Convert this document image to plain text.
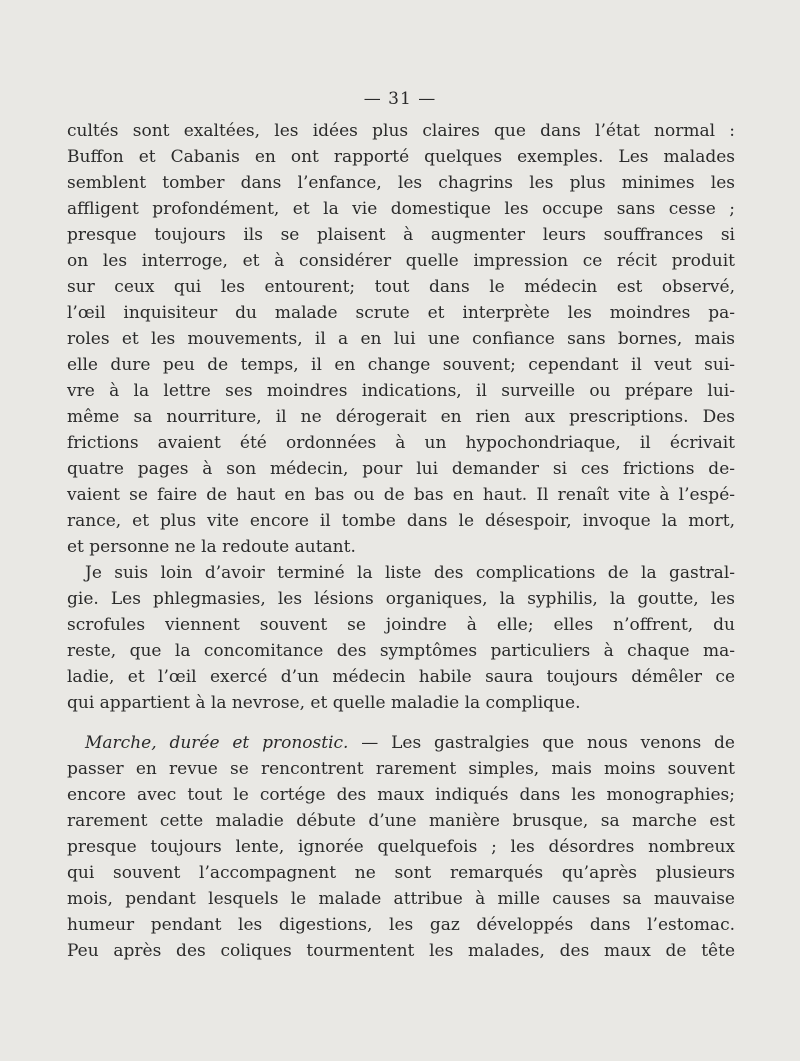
— 31 —
cultés sont exaltées, les idées plus claires que dans l’état normal :
Buffon et Cabanis en ont rapporté quelques exemples. Les malades
semblent tomber dans l’enfance, les chagrins les plus minimes les
affligent profondément, et la vie domestique les occupe sans cesse ;
presque toujours ils se plaisent à augmenter leurs souffrances si
on les interroge, et à considérer quelle impression ce récit produit
sur ceux qui les entourent; tout dans le médecin est observé,
l’œil inquisiteur du malade scrute et interprète les moindres pa-
roles et les mouvements, il a en lui une confiance sans bornes, mais
elle dure peu de temps, il en change souvent; cependant il veut sui-
vre à la lettre ses moindres indications, il surveille ou prépare lui-
même sa nourriture, il ne dérogerait en rien aux prescriptions. Des
frictions avaient été ordonnées à un hypochondriaque, il écrivait
quatre pages à son médecin, pour lui demander si ces frictions de-
vaient se faire de haut en bas ou de bas en haut. Il renaît vite à l’espé-
rance, et plus vite encore il tombe dans le désespoir, invoque la mort,
et personne ne la redoute autant.
Je suis loin d’avoir terminé la liste des complications de la gastral-
gie. Les phlegmasies, les lésions organiques, la syphilis, la goutte, les
scrofules viennent souvent se joindre à elle; elles n’offrent, du
reste, que la concomitance des symptômes particuliers à chaque ma-
ladie, et l’œil exercé d’un médecin habile saura toujours démêler ce
qui appartient à la nevrose, et quelle maladie la complique.
Marche, durée et pronostic. — Les gastralgies que nous venons de
passer en revue se rencontrent rarement simples, mais moins souvent
encore avec tout le cortége des maux indiqués dans les monographies;
rarement cette maladie débute d’une manière brusque, sa marche est
presque toujours lente, ignorée quelquefois ; les désordres nombreux
qui souvent l’accompagnent ne sont remarqués qu’après plusieurs
mois, pendant lesquels le malade attribue à mille causes sa mauvaise
humeur pendant les digestions, les gaz développés dans l’estomac.
Peu après des coliques tourmentent les malades, des maux de tête
